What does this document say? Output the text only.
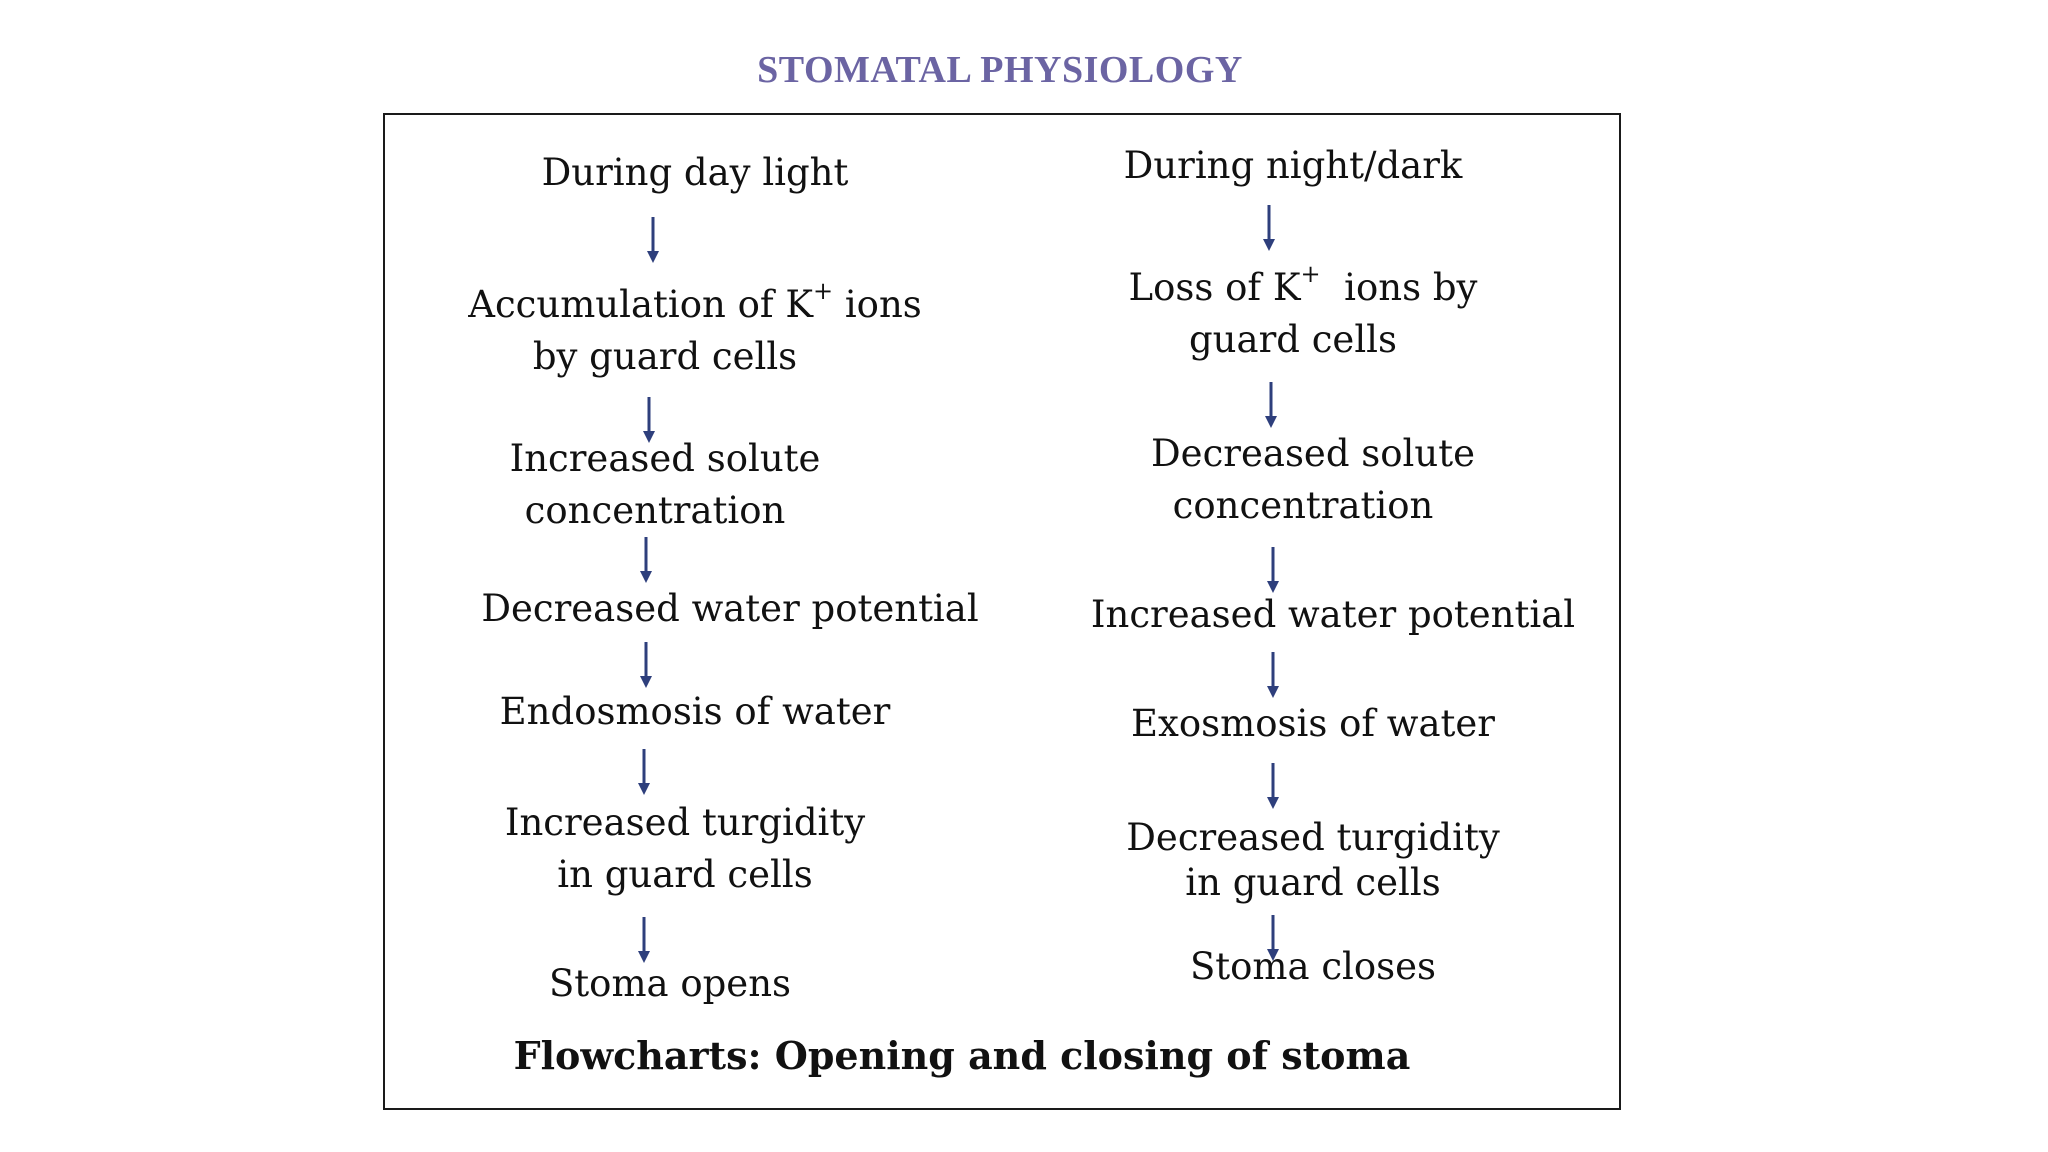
STOMATAL PHYSIOLOGY
During day light
Accumulation of K+ ions
by guard cells
Increased solute
concentration
Decreased water potential
Endosmosis of water
Increased turgidity
in guard cells
Stoma opens
During night/dark
Loss of K+ ions by
guard cells
Decreased solute
concentration
Increased water potential
Exosmosis of water
Decreased turgidity
in guard cells
Stoma closes
Flowcharts: Opening and closing of stoma
